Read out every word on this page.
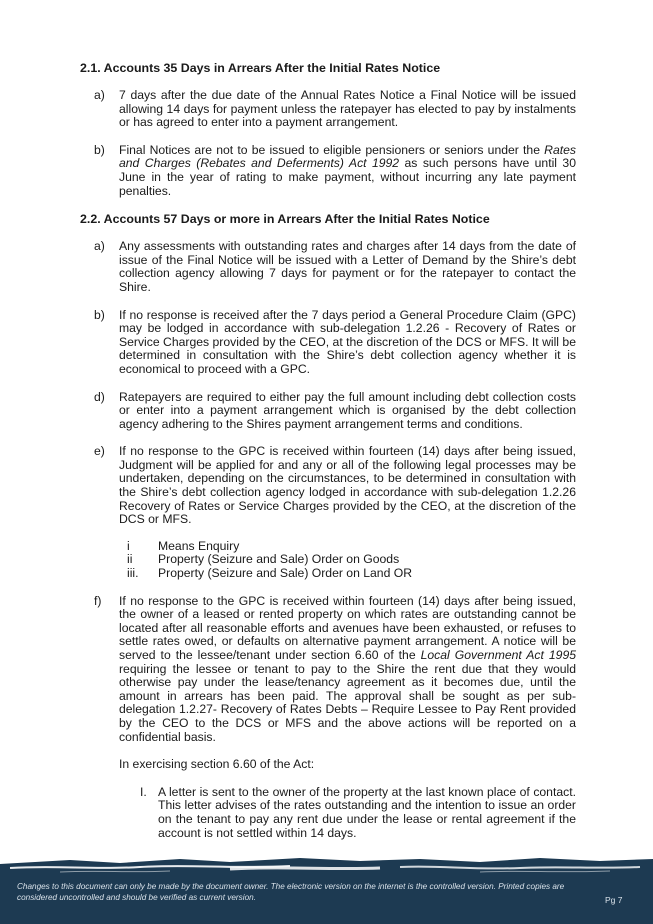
2.1. Accounts 35 Days in Arrears After the Initial Rates Notice
a)	7 days after the due date of the Annual Rates Notice a Final Notice will be issued allowing 14 days for payment unless the ratepayer has elected to pay by instalments or has agreed to enter into a payment arrangement.
b)	Final Notices are not to be issued to eligible pensioners or seniors under the Rates and Charges (Rebates and Deferments) Act 1992 as such persons have until 30 June in the year of rating to make payment, without incurring any late payment penalties.
2.2. Accounts 57 Days or more in Arrears After the Initial Rates Notice
a)	Any assessments with outstanding rates and charges after 14 days from the date of issue of the Final Notice will be issued with a Letter of Demand by the Shire’s debt collection agency allowing 7 days for payment or for the ratepayer to contact the Shire.
b)	If no response is received after the 7 days period a General Procedure Claim (GPC) may be lodged in accordance with sub-delegation 1.2.26 - Recovery of Rates or Service Charges provided by the CEO, at the discretion of the DCS or MFS. It will be determined in consultation with the Shire’s debt collection agency whether it is economical to proceed with a GPC.
d)	Ratepayers are required to either pay the full amount including debt collection costs or enter into a payment arrangement which is organised by the debt collection agency adhering to the Shires payment arrangement terms and conditions.
e)	If no response to the GPC is received within fourteen (14) days after being issued, Judgment will be applied for and any or all of the following legal processes may be undertaken, depending on the circumstances, to be determined in consultation with the Shire’s debt collection agency lodged in accordance with sub-delegation 1.2.26 Recovery of Rates or Service Charges provided by the CEO, at the discretion of the DCS or MFS.
i	Means Enquiry
ii	Property (Seizure and Sale) Order on Goods
iii.	Property (Seizure and Sale) Order on Land OR
f)	If no response to the GPC is received within fourteen (14) days after being issued, the owner of a leased or rented property on which rates are outstanding cannot be located after all reasonable efforts and avenues have been exhausted, or refuses to settle rates owed, or defaults on alternative payment arrangement. A notice will be served to the lessee/tenant under section 6.60 of the Local Government Act 1995 requiring the lessee or tenant to pay to the Shire the rent due that they would otherwise pay under the lease/tenancy agreement as it becomes due, until the amount in arrears has been paid. The approval shall be sought as per sub-delegation 1.2.27- Recovery of Rates Debts – Require Lessee to Pay Rent provided by the CEO to the DCS or MFS and the above actions will be reported on a confidential basis.
In exercising section 6.60 of the Act:
I. A letter is sent to the owner of the property at the last known place of contact. This letter advises of the rates outstanding and the intention to issue an order on the tenant to pay any rent due under the lease or rental agreement if the account is not settled within 14 days.
Changes to this document can only be made by the document owner. The electronic version on the internet is the controlled version. Printed copies are considered uncontrolled and should be verified as current version.	Pg 7
